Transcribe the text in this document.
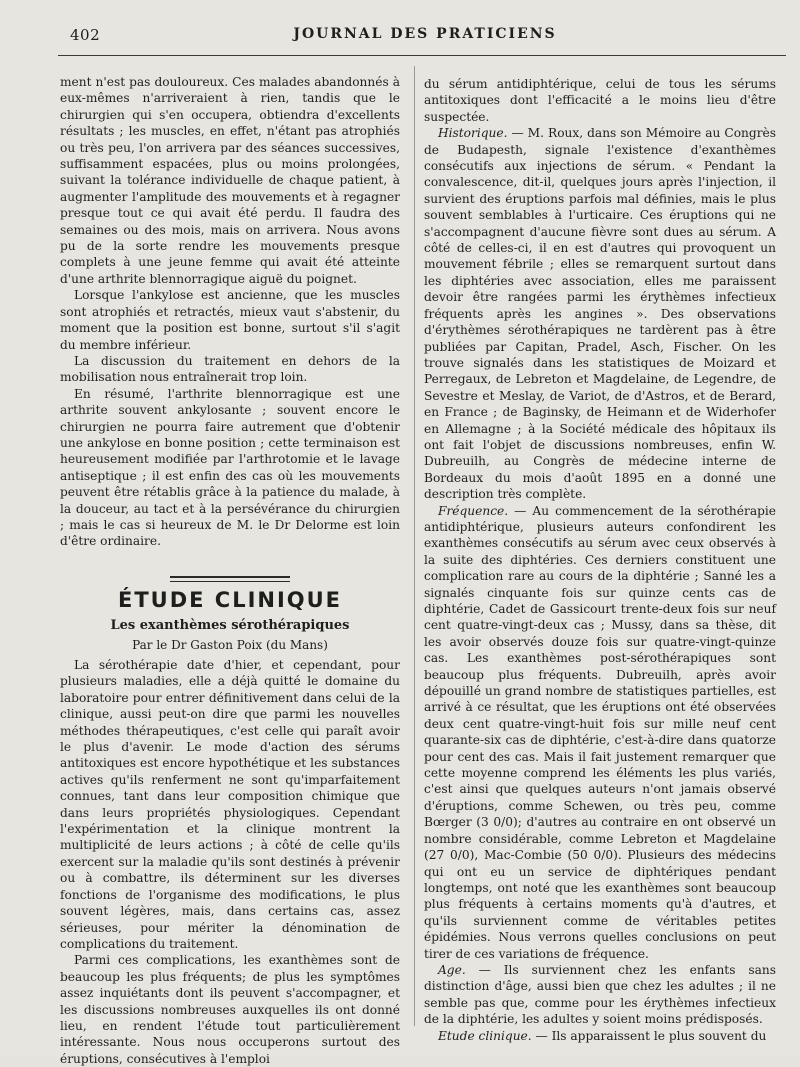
402	JOURNAL DES PRATICIENS

ment n'est pas douloureux. Ces malades abandonnés à eux-mêmes n'arriveraient à rien, tandis que le chirurgien qui s'en occupera, obtiendra d'excellents résultats ; les muscles, en effet, n'étant pas atrophiés ou très peu, l'on arrivera par des séances successives, suffisamment espacées, plus ou moins prolongées, suivant la tolérance individuelle de chaque patient, à augmenter l'amplitude des mouvements et à regagner presque tout ce qui avait été perdu. Il faudra des semaines ou des mois, mais on arrivera. Nous avons pu de la sorte rendre les mouvements presque complets à une jeune femme qui avait été atteinte d'une arthrite blennorragique aiguë du poignet.

Lorsque l'ankylose est ancienne, que les muscles sont atrophiés et retractés, mieux vaut s'abstenir, du moment que la position est bonne, surtout s'il s'agit du membre inférieur.

La discussion du traitement en dehors de la mobilisation nous entraînerait trop loin.

En résumé, l'arthrite blennorragique est une arthrite souvent ankylosante ; souvent encore le chirurgien ne pourra faire autrement que d'obtenir une ankylose en bonne position ; cette terminaison est heureusement modifiée par l'arthrotomie et le lavage antiseptique ; il est enfin des cas où les mouvements peuvent être rétablis grâce à la patience du malade, à la douceur, au tact et à la persévérance du chirurgien ; mais le cas si heureux de M. le Dr Delorme est loin d'être ordinaire.

ÉTUDE CLINIQUE
Les exanthèmes sérothérapiques
Par le Dr Gaston Poix (du Mans)

La sérothérapie date d'hier, et cependant, pour plusieurs maladies, elle a déjà quitté le domaine du laboratoire pour entrer définitivement dans celui de la clinique, aussi peut-on dire que parmi les nouvelles méthodes thérapeutiques, c'est celle qui paraît avoir le plus d'avenir. Le mode d'action des sérums antitoxiques est encore hypothétique et les substances actives qu'ils renferment ne sont qu'imparfaitement connues, tant dans leur composition chimique que dans leurs propriétés physiologiques. Cependant l'expérimentation et la clinique montrent la multiplicité de leurs actions ; à côté de celle qu'ils exercent sur la maladie qu'ils sont destinés à prévenir ou à combattre, ils déterminent sur les diverses fonctions de l'organisme des modifications, le plus souvent légères, mais, dans certains cas, assez sérieuses, pour mériter la dénomination de complications du traitement.

Parmi ces complications, les exanthèmes sont de beaucoup les plus fréquents; de plus les symptômes assez inquiétants dont ils peuvent s'accompagner, et les discussions nombreuses auxquelles ils ont donné lieu, en rendent l'étude tout particulièrement intéressante. Nous nous occuperons surtout des éruptions, consécutives à l'emploi

du sérum antidiphtérique, celui de tous les sérums antitoxiques dont l'efficacité a le moins lieu d'être suspectée.

Historique. — M. Roux, dans son Mémoire au Congrès de Budapesth, signale l'existence d'exanthèmes consécutifs aux injections de sérum. « Pendant la convalescence, dit-il, quelques jours après l'injection, il survient des éruptions parfois mal définies, mais le plus souvent semblables à l'urticaire. Ces éruptions qui ne s'accompagnent d'aucune fièvre sont dues au sérum. A côté de celles-ci, il en est d'autres qui provoquent un mouvement fébrile ; elles se remarquent surtout dans les diphtéries avec association, elles me paraissent devoir être rangées parmi les érythèmes infectieux fréquents après les angines ». Des observations d'érythèmes sérothérapiques ne tardèrent pas à être publiées par Capitan, Pradel, Asch, Fischer. On les trouve signalés dans les statistiques de Moizard et Perregaux, de Lebreton et Magdelaine, de Legendre, de Sevestre et Meslay, de Variot, de d'Astros, et de Berard, en France ; de Baginsky, de Heimann et de Widerhofer en Allemagne ; à la Société médicale des hôpitaux ils ont fait l'objet de discussions nombreuses, enfin W. Dubreuilh, au Congrès de médecine interne de Bordeaux du mois d'août 1895 en a donné une description très complète.

Fréquence. — Au commencement de la sérothérapie antidiphtérique, plusieurs auteurs confondirent les exanthèmes consécutifs au sérum avec ceux observés à la suite des diphtéries. Ces derniers constituent une complication rare au cours de la diphtérie ; Sanné les a signalés cinquante fois sur quinze cents cas de diphtérie, Cadet de Gassicourt trente-deux fois sur neuf cent quatre-vingt-deux cas ; Mussy, dans sa thèse, dit les avoir observés douze fois sur quatre-vingt-quinze cas. Les exanthèmes post-sérothérapiques sont beaucoup plus fréquents. Dubreuilh, après avoir dépouillé un grand nombre de statistiques partielles, est arrivé à ce résultat, que les éruptions ont été observées deux cent quatre-vingt-huit fois sur mille neuf cent quarante-six cas de diphtérie, c'est-à-dire dans quatorze pour cent des cas. Mais il fait justement remarquer que cette moyenne comprend les éléments les plus variés, c'est ainsi que quelques auteurs n'ont jamais observé d'éruptions, comme Schewen, ou très peu, comme Bœrger (3 0/0); d'autres au contraire en ont observé un nombre considérable, comme Lebreton et Magdelaine (27 0/0), Mac-Combie (50 0/0). Plusieurs des médecins qui ont eu un service de diphtériques pendant longtemps, ont noté que les exanthèmes sont beaucoup plus fréquents à certains moments qu'à d'autres, et qu'ils surviennent comme de véritables petites épidémies. Nous verrons quelles conclusions on peut tirer de ces variations de fréquence.

Age. — Ils surviennent chez les enfants sans distinction d'âge, aussi bien que chez les adultes ; il ne semble pas que, comme pour les érythèmes infectieux de la diphtérie, les adultes y soient moins prédisposés.

Etude clinique. — Ils apparaissent le plus souvent du
